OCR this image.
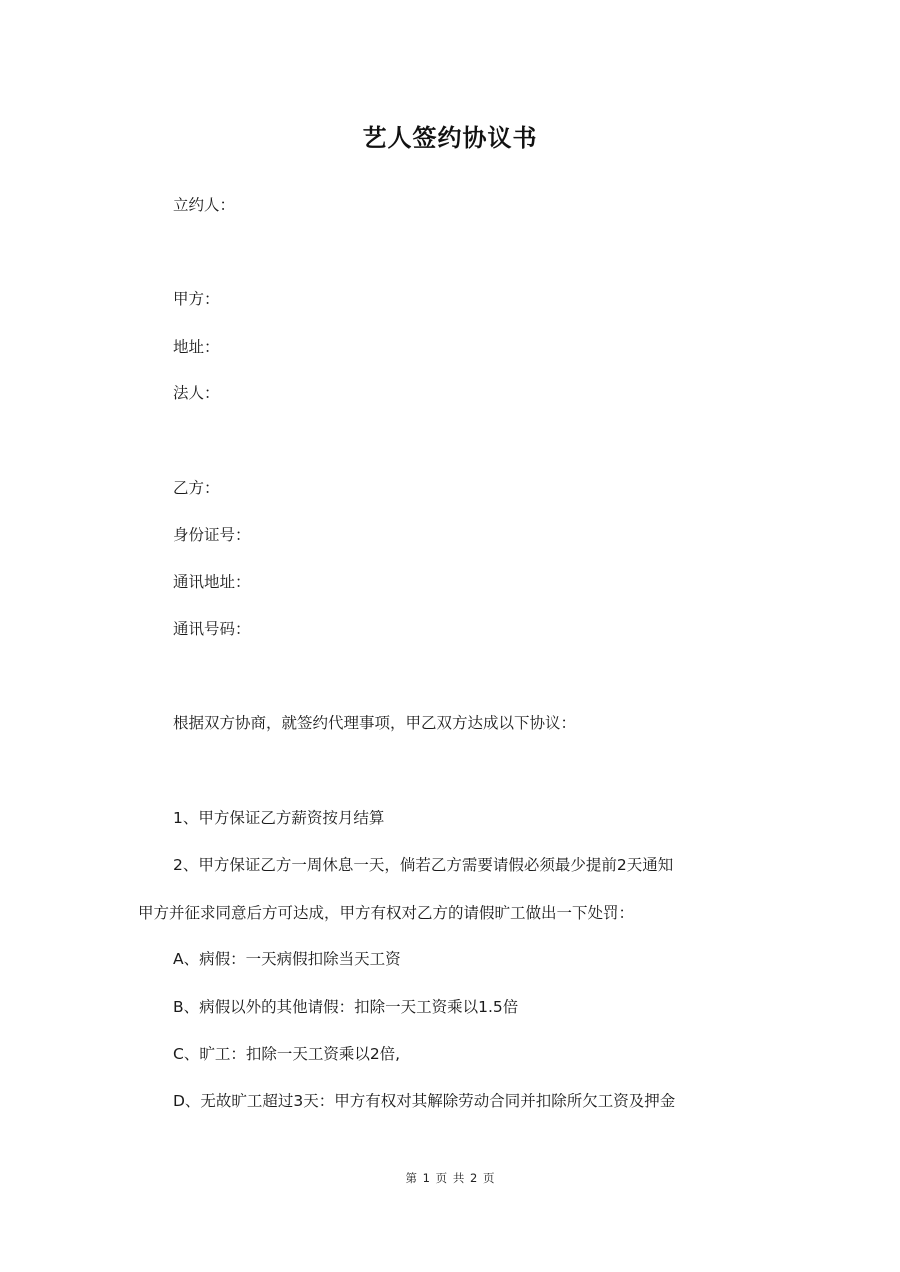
艺人签约协议书
立约人：
甲方：
地址：
法人：
乙方：
身份证号：
通讯地址：
通讯号码：
根据双方协商，就签约代理事项，甲乙双方达成以下协议：
1、甲方保证乙方薪资按月结算
2、甲方保证乙方一周休息一天，倘若乙方需要请假必须最少提前2天通知
甲方并征求同意后方可达成，甲方有权对乙方的请假旷工做出一下处罚：
A、病假：一天病假扣除当天工资
B、病假以外的其他请假：扣除一天工资乘以1.5倍
C、旷工：扣除一天工资乘以2倍,
D、无故旷工超过3天：甲方有权对其解除劳动合同并扣除所欠工资及押金
第 1 页 共 2 页
